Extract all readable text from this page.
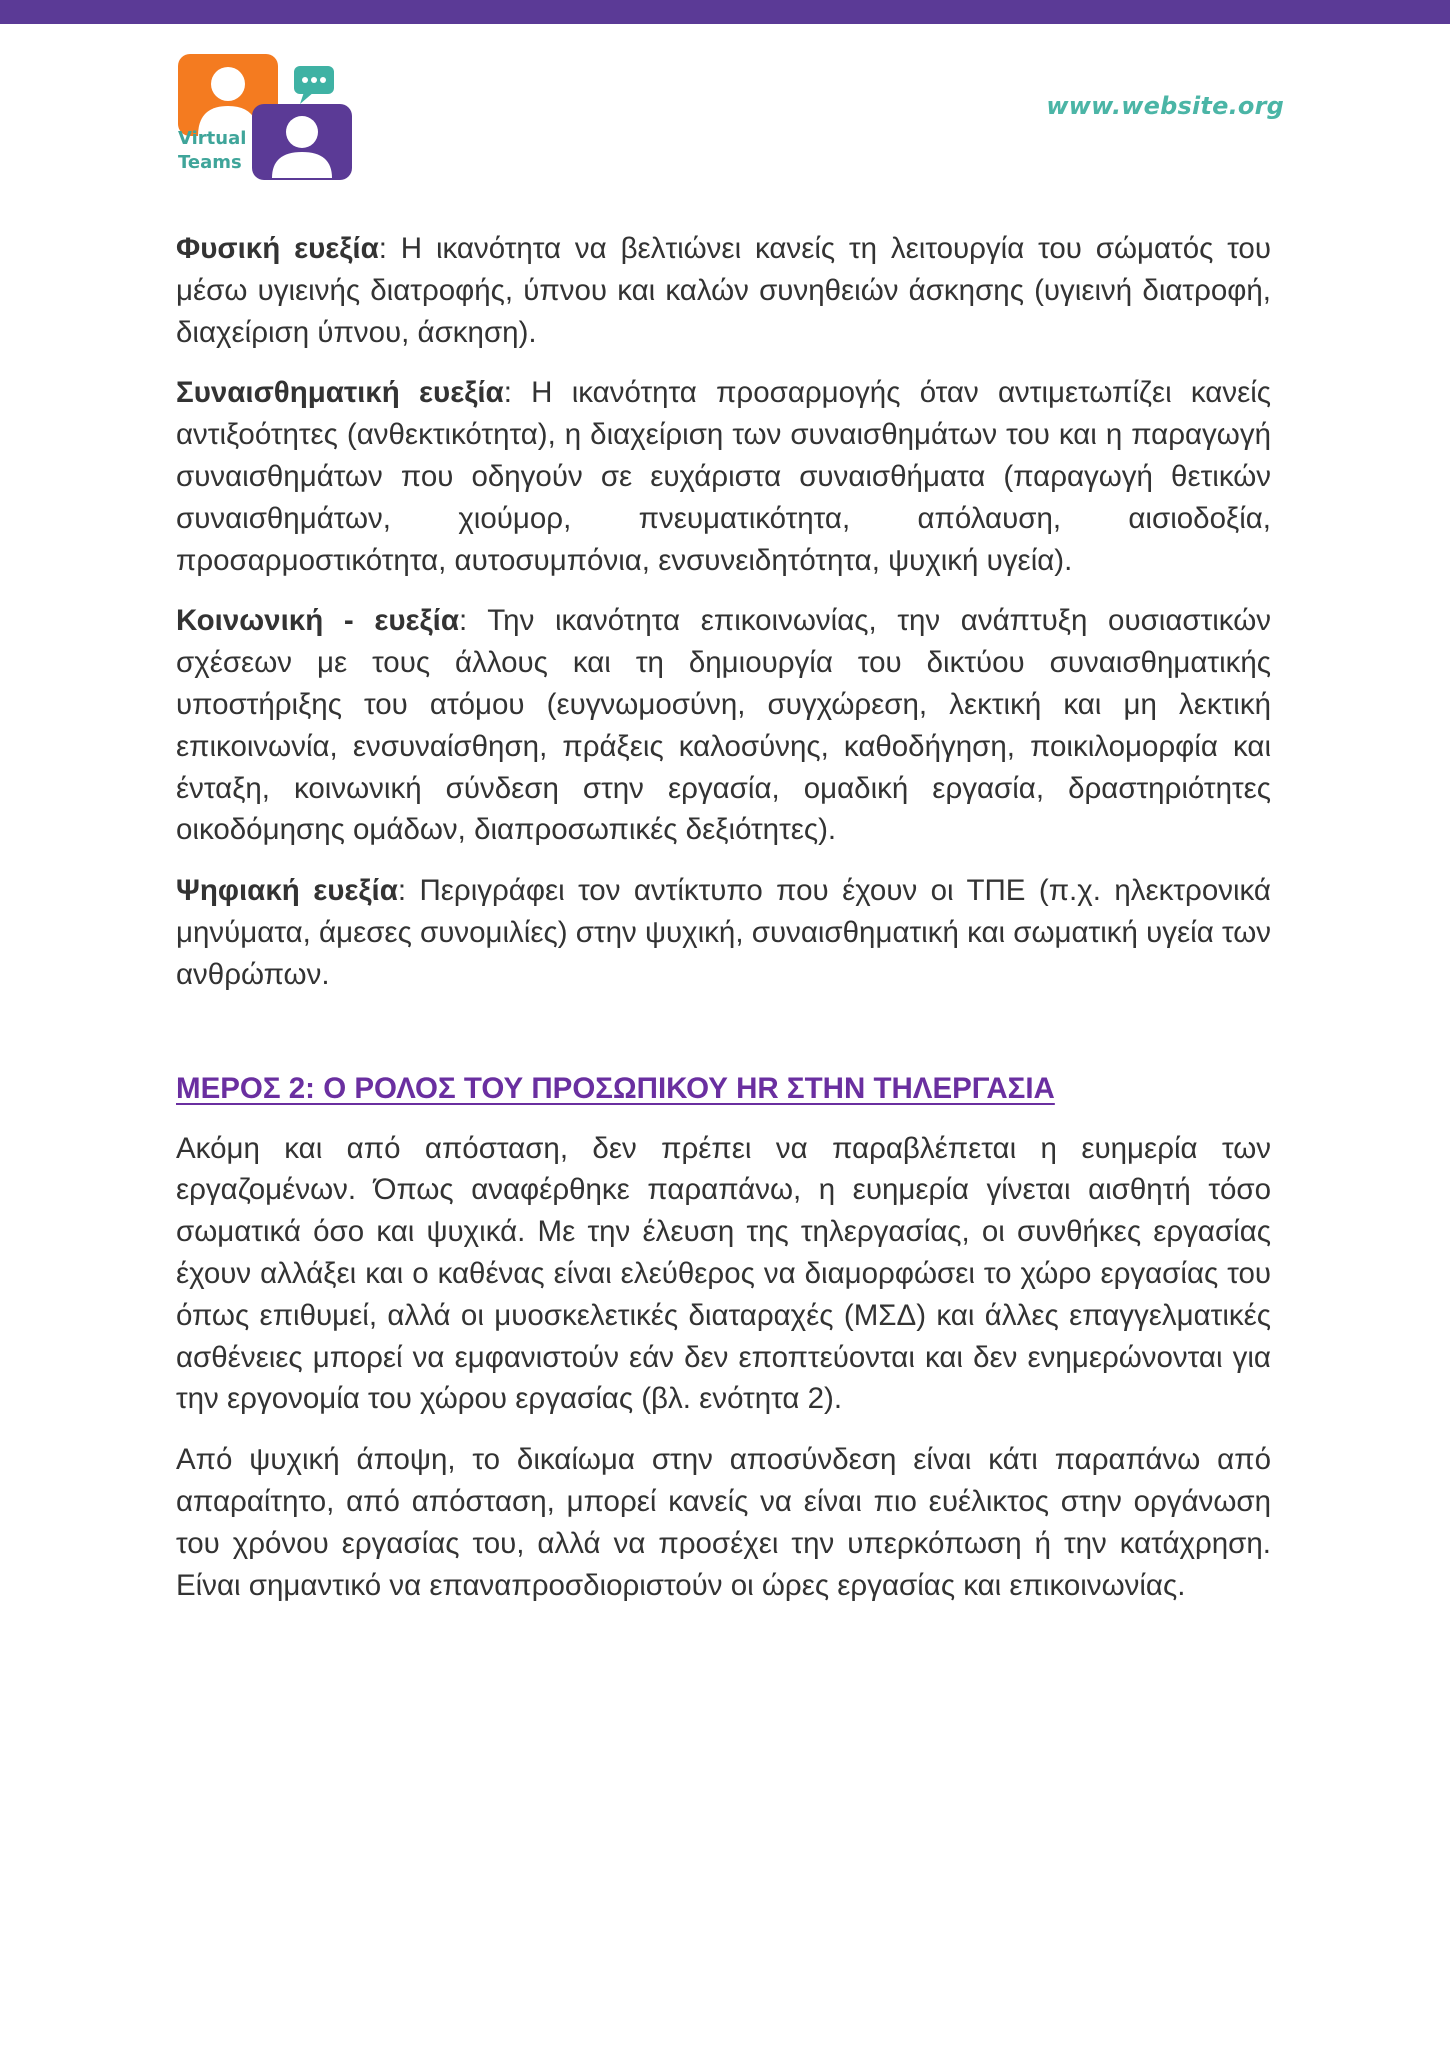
Virtual
Teams
www.website.org

Φυσική ευεξία: Η ικανότητα να βελτιώνει κανείς τη λειτουργία του σώματός του μέσω υγιεινής διατροφής, ύπνου και καλών συνηθειών άσκησης (υγιεινή διατροφή, διαχείριση ύπνου, άσκηση).

Συναισθηματική ευεξία: Η ικανότητα προσαρμογής όταν αντιμετωπίζει κανείς αντιξοότητες (ανθεκτικότητα), η διαχείριση των συναισθημάτων του και η παραγωγή συναισθημάτων που οδηγούν σε ευχάριστα συναισθήματα (παραγωγή θετικών συναισθημάτων, χιούμορ, πνευματικότητα, απόλαυση, αισιοδοξία, προσαρμοστικότητα, αυτοσυμπόνια, ενσυνειδητότητα, ψυχική υγεία).

Κοινωνική - ευεξία: Την ικανότητα επικοινωνίας, την ανάπτυξη ουσιαστικών σχέσεων με τους άλλους και τη δημιουργία του δικτύου συναισθηματικής υποστήριξης του ατόμου (ευγνωμοσύνη, συγχώρεση, λεκτική και μη λεκτική επικοινωνία, ενσυναίσθηση, πράξεις καλοσύνης, καθοδήγηση, ποικιλομορφία και ένταξη, κοινωνική σύνδεση στην εργασία, ομαδική εργασία, δραστηριότητες οικοδόμησης ομάδων, διαπροσωπικές δεξιότητες).

Ψηφιακή ευεξία: Περιγράφει τον αντίκτυπο που έχουν οι ΤΠΕ (π.χ. ηλεκτρονικά μηνύματα, άμεσες συνομιλίες) στην ψυχική, συναισθηματική και σωματική υγεία των ανθρώπων.

ΜΕΡΟΣ 2: Ο ΡΟΛΟΣ ΤΟΥ ΠΡΟΣΩΠΙΚΟΥ HR ΣΤΗΝ ΤΗΛΕΡΓΑΣΙΑ

Ακόμη και από απόσταση, δεν πρέπει να παραβλέπεται η ευημερία των εργαζομένων. Όπως αναφέρθηκε παραπάνω, η ευημερία γίνεται αισθητή τόσο σωματικά όσο και ψυχικά. Με την έλευση της τηλεργασίας, οι συνθήκες εργασίας έχουν αλλάξει και ο καθένας είναι ελεύθερος να διαμορφώσει το χώρο εργασίας του όπως επιθυμεί, αλλά οι μυοσκελετικές διαταραχές (ΜΣΔ) και άλλες επαγγελματικές ασθένειες μπορεί να εμφανιστούν εάν δεν εποπτεύονται και δεν ενημερώνονται για την εργονομία του χώρου εργασίας (βλ. ενότητα 2).

Από ψυχική άποψη, το δικαίωμα στην αποσύνδεση είναι κάτι παραπάνω από απαραίτητο, από απόσταση, μπορεί κανείς να είναι πιο ευέλικτος στην οργάνωση του χρόνου εργασίας του, αλλά να προσέχει την υπερκόπωση ή την κατάχρηση. Είναι σημαντικό να επαναπροσδιοριστούν οι ώρες εργασίας και επικοινωνίας.
